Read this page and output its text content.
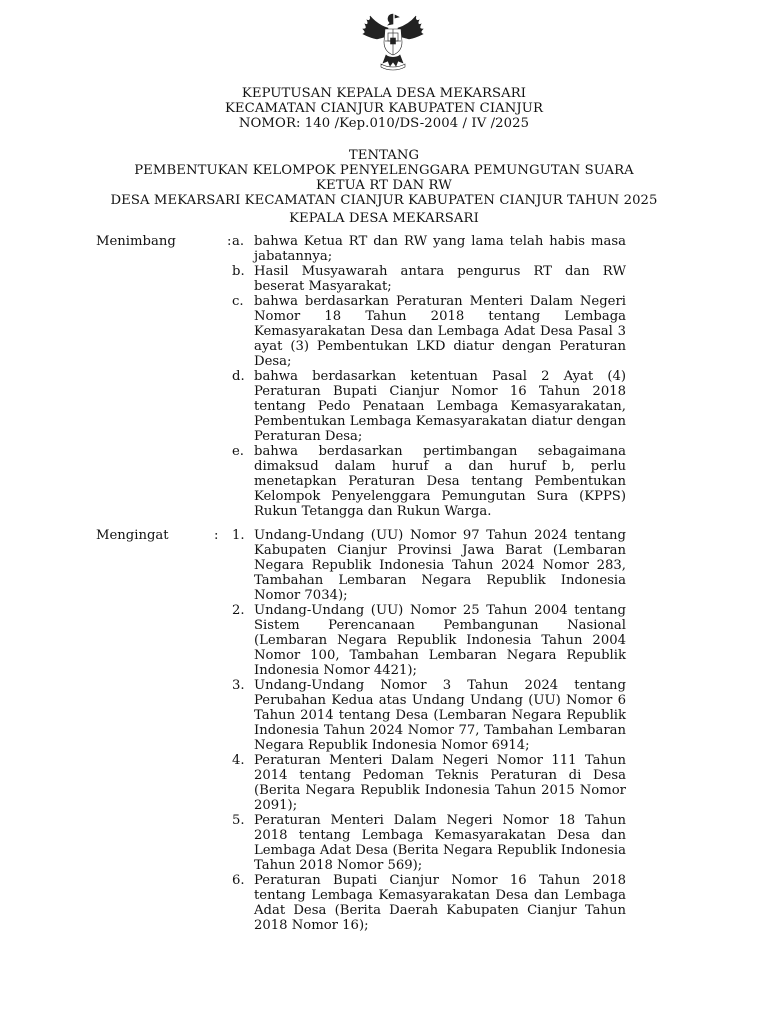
KEPUTUSAN KEPALA DESA MEKARSARI
KECAMATAN CIANJUR KABUPATEN CIANJUR
NOMOR: 140 /Kep.010/DS-2004 / IV /2025
TENTANG
PEMBENTUKAN KELOMPOK PENYELENGGARA PEMUNGUTAN SUARA
KETUA RT DAN RW
DESA MEKARSARI KECAMATAN CIANJUR KABUPATEN CIANJUR TAHUN 2025
KEPALA DESA MEKARSARI
Menimbang	: a. bahwa Ketua RT dan RW yang lama telah habis masa jabatannya;
b. Hasil Musyawarah antara pengurus RT dan RW beserat Masyarakat;
c. bahwa berdasarkan Peraturan Menteri Dalam Negeri Nomor 18 Tahun 2018 tentang Lembaga Kemasyarakatan Desa dan Lembaga Adat Desa Pasal 3 ayat (3) Pembentukan LKD diatur dengan Peraturan Desa;
d. bahwa berdasarkan ketentuan Pasal 2 Ayat (4) Peraturan Bupati Cianjur Nomor 16 Tahun 2018 tentang Pedo Penataan Lembaga Kemasyarakatan, Pembentukan Lembaga Kemasyarakatan diatur dengan Peraturan Desa;
e. bahwa berdasarkan pertimbangan sebagaimana dimaksud dalam huruf a dan huruf b, perlu menetapkan Peraturan Desa tentang Pembentukan Kelompok Penyelenggara Pemungutan Sura (KPPS) Rukun Tetangga dan Rukun Warga.
Mengingat	: 1. Undang-Undang (UU) Nomor 97 Tahun 2024 tentang Kabupaten Cianjur Provinsi Jawa Barat (Lembaran Negara Republik Indonesia Tahun 2024 Nomor 283, Tambahan Lembaran Negara Republik Indonesia Nomor 7034);
2. Undang-Undang (UU) Nomor 25 Tahun 2004 tentang Sistem Perencanaan Pembangunan Nasional (Lembaran Negara Republik Indonesia Tahun 2004 Nomor 100, Tambahan Lembaran Negara Republik Indonesia Nomor 4421);
3. Undang-Undang Nomor 3 Tahun 2024 tentang Perubahan Kedua atas Undang Undang (UU) Nomor 6 Tahun 2014 tentang Desa (Lembaran Negara Republik Indonesia Tahun 2024 Nomor 77, Tambahan Lembaran Negara Republik Indonesia Nomor 6914;
4. Peraturan Menteri Dalam Negeri Nomor 111 Tahun 2014 tentang Pedoman Teknis Peraturan di Desa (Berita Negara Republik Indonesia Tahun 2015 Nomor 2091);
5. Peraturan Menteri Dalam Negeri Nomor 18 Tahun 2018 tentang Lembaga Kemasyarakatan Desa dan Lembaga Adat Desa (Berita Negara Republik Indonesia Tahun 2018 Nomor 569);
6. Peraturan Bupati Cianjur Nomor 16 Tahun 2018 tentang Lembaga Kemasyarakatan Desa dan Lembaga Adat Desa (Berita Daerah Kabupaten Cianjur Tahun 2018 Nomor 16);
